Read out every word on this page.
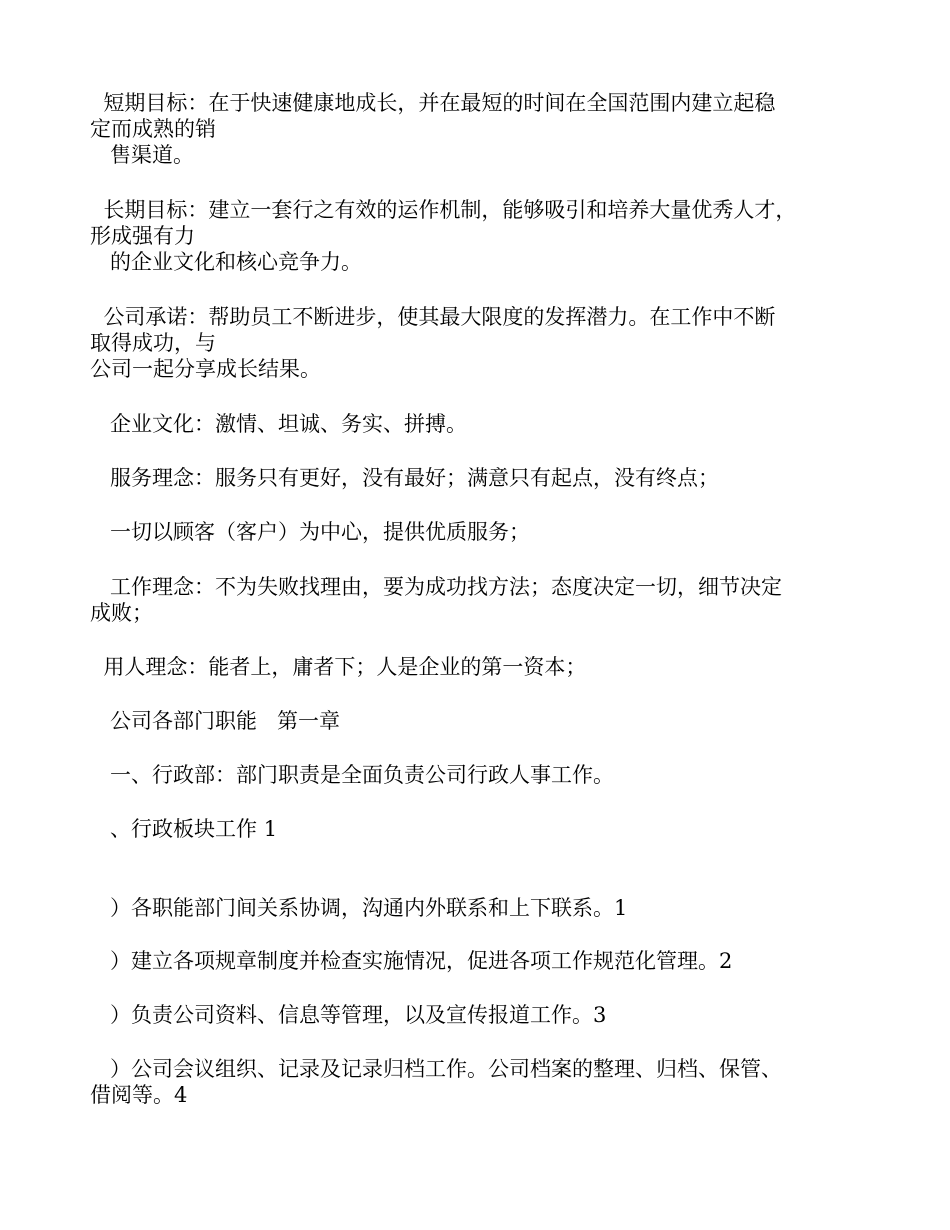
短期目标：在于快速健康地成长，并在最短的时间在全国范围内建立起稳
定而成熟的销
售渠道。
长期目标：建立一套行之有效的运作机制，能够吸引和培养大量优秀人才，
形成强有力
的企业文化和核心竞争力。
公司承诺：帮助员工不断进步，使其最大限度的发挥潜力。在工作中不断
取得成功，与
公司一起分享成长结果。
企业文化：激情、坦诚、务实、拼搏。
服务理念：服务只有更好，没有最好；满意只有起点，没有终点；
一切以顾客（客户）为中心，提供优质服务；
工作理念：不为失败找理由，要为成功找方法；态度决定一切，细节决定
成败；
用人理念：能者上，庸者下；人是企业的第一资本；
公司各部门职能   第一章
一、行政部：部门职责是全面负责公司行政人事工作。
、行政板块工作 1
）各职能部门间关系协调，沟通内外联系和上下联系。1
）建立各项规章制度并检查实施情况，促进各项工作规范化管理。2
）负责公司资料、信息等管理，以及宣传报道工作。3
）公司会议组织、记录及记录归档工作。公司档案的整理、归档、保管、
借阅等。4
